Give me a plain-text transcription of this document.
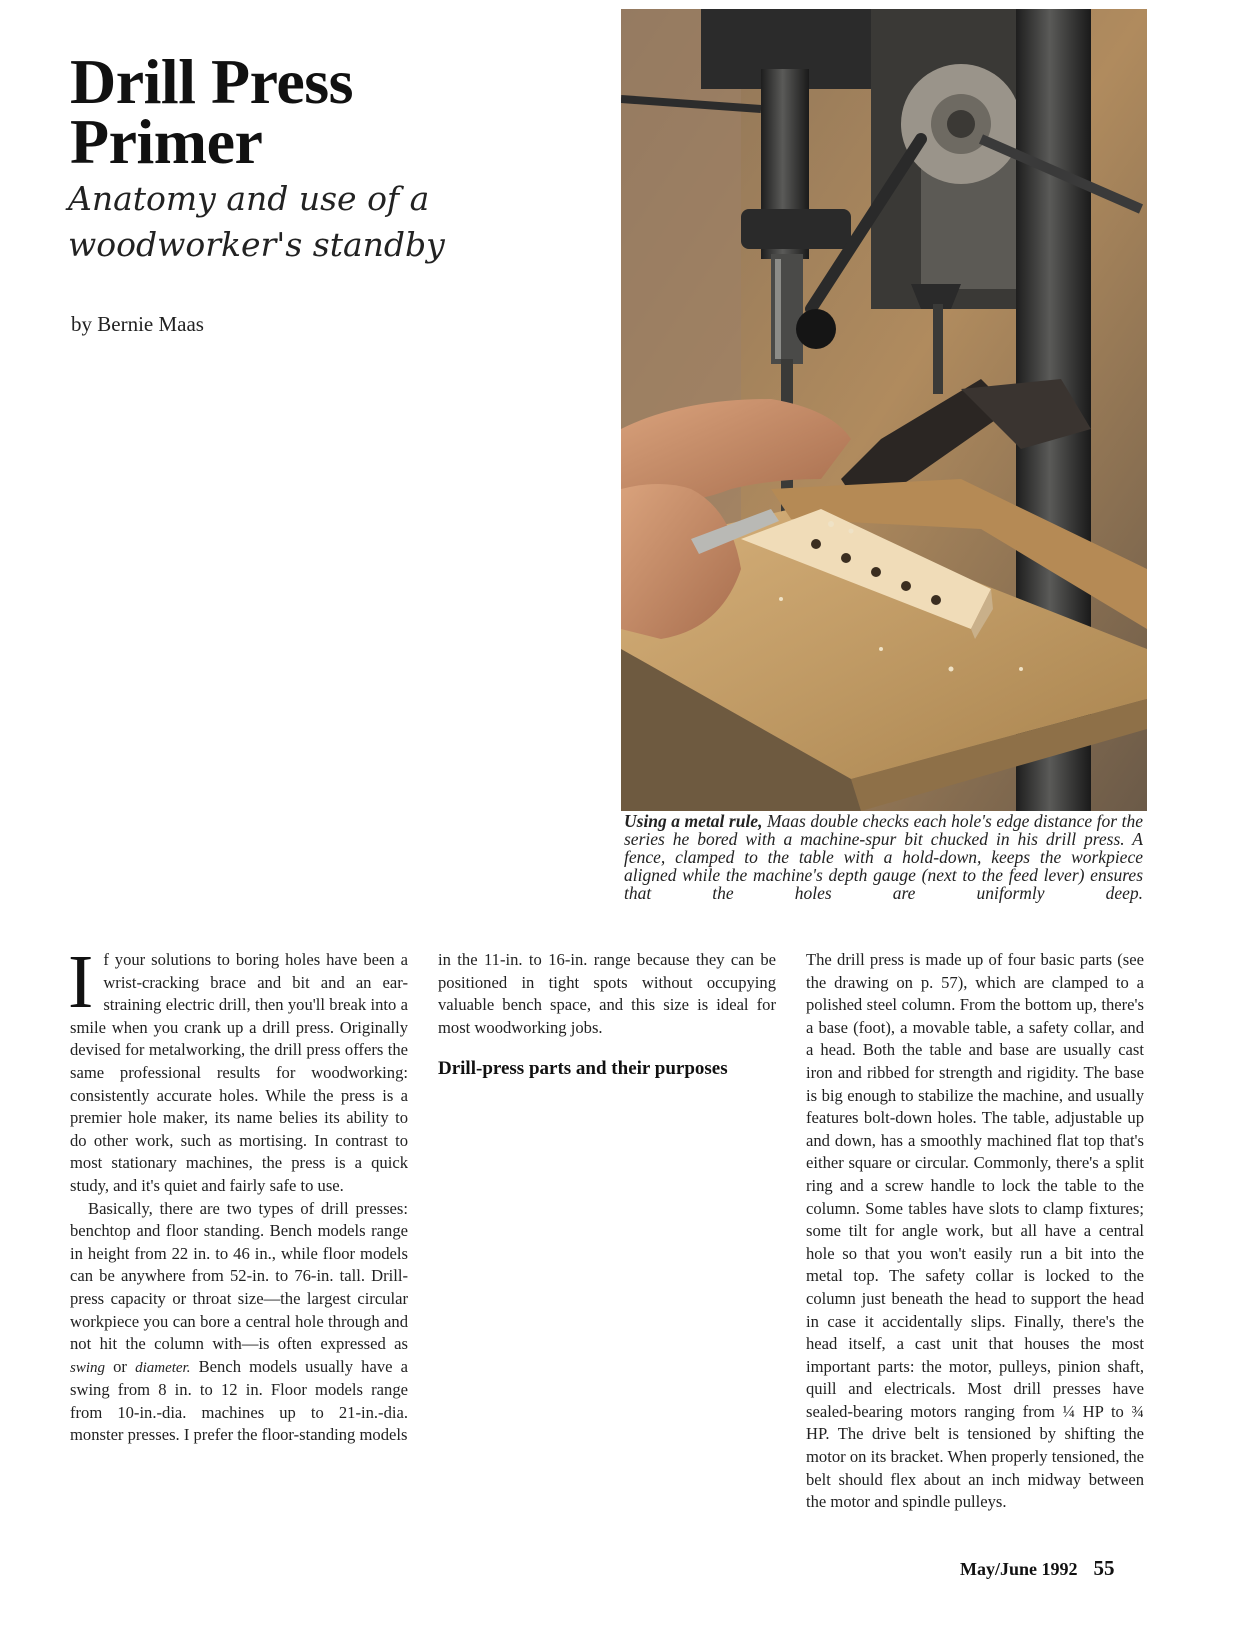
Drill Press
Primer
Anatomy and use of a
woodworker's standby
by Bernie Maas
Using a metal rule, Maas double checks each hole's edge distance for the series he bored with a machine-spur bit chucked in his drill press. A fence, clamped to the table with a hold-down, keeps the workpiece aligned while the machine's depth gauge (next to the feed lever) ensures that the holes are uniformly deep.

If your solutions to boring holes have been a wrist-cracking brace and bit and an ear-straining electric drill, then you'll break into a smile when you crank up a drill press. Originally devised for metalworking, the drill press offers the same professional results for woodworking: consistently accurate holes. While the press is a premier hole maker, its name belies its ability to do other work, such as mortising. In contrast to most stationary machines, the press is a quick study, and it's quiet and fairly safe to use.

Basically, there are two types of drill presses: benchtop and floor standing. Bench models range in height from 22 in. to 46 in., while floor models can be anywhere from 52-in. to 76-in. tall. Drill-press capacity or throat size—the largest circular workpiece you can bore a central hole through and not hit the column with—is often expressed as swing or diameter. Bench models usually have a swing from 8 in. to 12 in. Floor models range from 10-in.-dia. machines up to 21-in.-dia. monster presses. I prefer the floor-standing models

in the 11-in. to 16-in. range because they can be positioned in tight spots without occupying valuable bench space, and this size is ideal for most woodworking jobs.

Drill-press parts and their purposes

The drill press is made up of four basic parts (see the drawing on p. 57), which are clamped to a polished steel column. From the bottom up, there's a base (foot), a movable table, a safety collar, and a head. Both the table and base are usually cast iron and ribbed for strength and rigidity. The base is big enough to stabilize the machine, and usually features bolt-down holes. The table, adjustable up and down, has a smoothly machined flat top that's either square or circular. Commonly, there's a split ring and a screw handle to lock the table to the column. Some tables have slots to clamp fixtures; some tilt for angle work, but all have a central hole so that you won't easily run a bit into the metal top. The safety collar is locked to the column just beneath the head to support the head in case it accidentally slips. Finally, there's the head itself, a cast unit that houses the most important parts: the motor, pulleys, pinion shaft, quill and electricals. Most drill presses have sealed-bearing motors ranging from ¼ HP to ¾ HP. The drive belt is tensioned by shifting the motor on its bracket. When properly tensioned, the belt should flex about an inch midway between the motor and spindle pulleys.

May/June 1992 55
